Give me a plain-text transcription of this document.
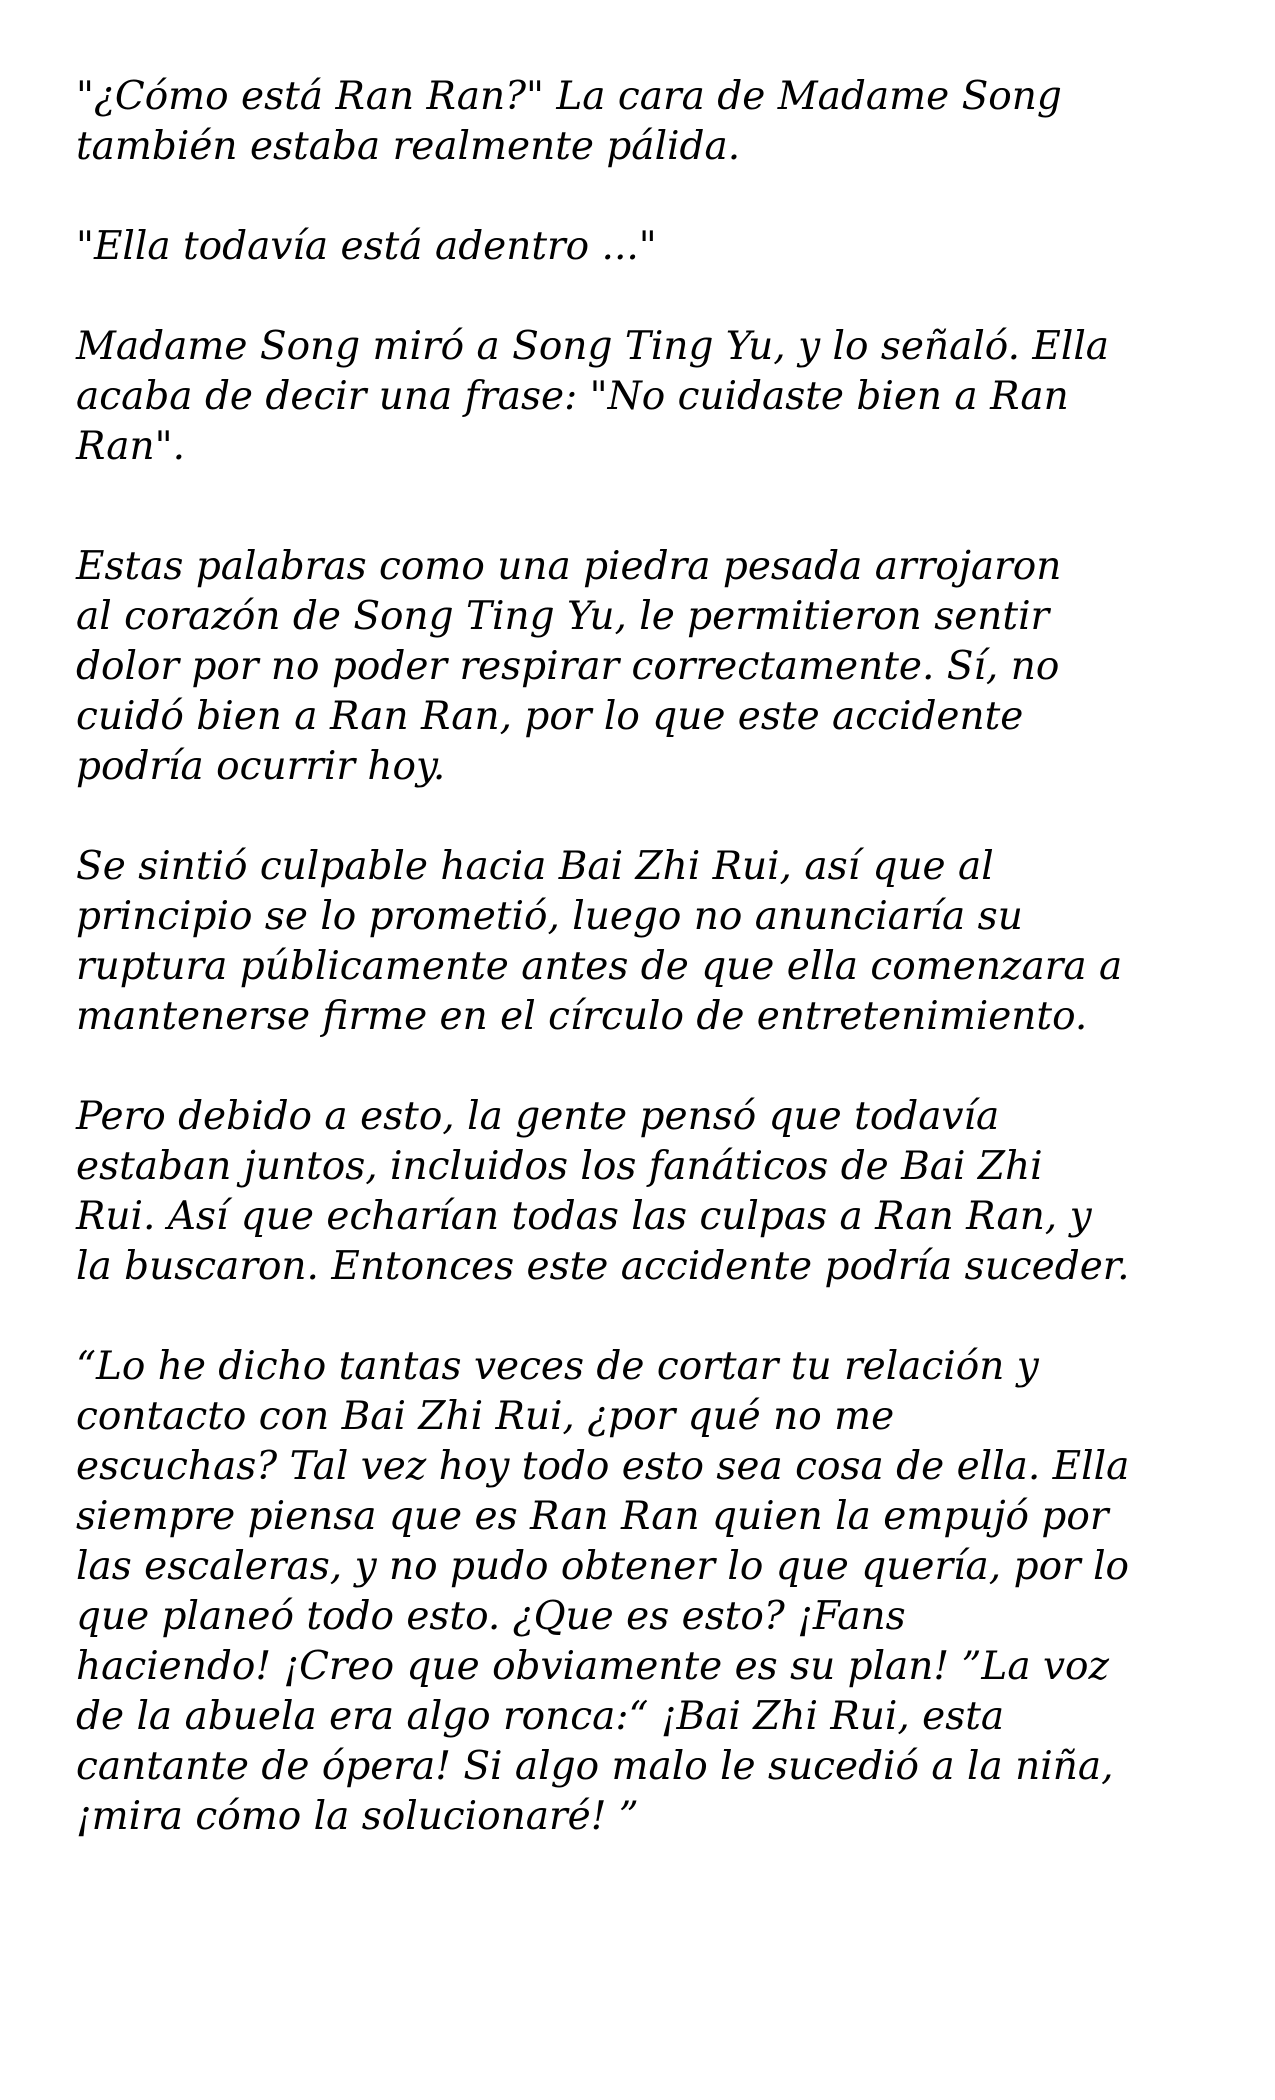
"¿Cómo está Ran Ran?" La cara de Madame Song
también estaba realmente pálida.

"Ella todavía está adentro ..."

Madame Song miró a Song Ting Yu, y lo señaló. Ella
acaba de decir una frase: "No cuidaste bien a Ran
Ran".

Estas palabras como una piedra pesada arrojaron
al corazón de Song Ting Yu, le permitieron sentir
dolor por no poder respirar correctamente. Sí, no
cuidó bien a Ran Ran, por lo que este accidente
podría ocurrir hoy.

Se sintió culpable hacia Bai Zhi Rui, así que al
principio se lo prometió, luego no anunciaría su
ruptura públicamente antes de que ella comenzara a
mantenerse firme en el círculo de entretenimiento.

Pero debido a esto, la gente pensó que todavía
estaban juntos, incluidos los fanáticos de Bai Zhi
Rui. Así que echarían todas las culpas a Ran Ran, y
la buscaron. Entonces este accidente podría suceder.

“Lo he dicho tantas veces de cortar tu relación y
contacto con Bai Zhi Rui, ¿por qué no me
escuchas? Tal vez hoy todo esto sea cosa de ella. Ella
siempre piensa que es Ran Ran quien la empujó por
las escaleras, y no pudo obtener lo que quería, por lo
que planeó todo esto. ¿Que es esto? ¡Fans
haciendo! ¡Creo que obviamente es su plan! ”La voz
de la abuela era algo ronca:“ ¡Bai Zhi Rui, esta
cantante de ópera! Si algo malo le sucedió a la niña,
¡mira cómo la solucionaré! ”
